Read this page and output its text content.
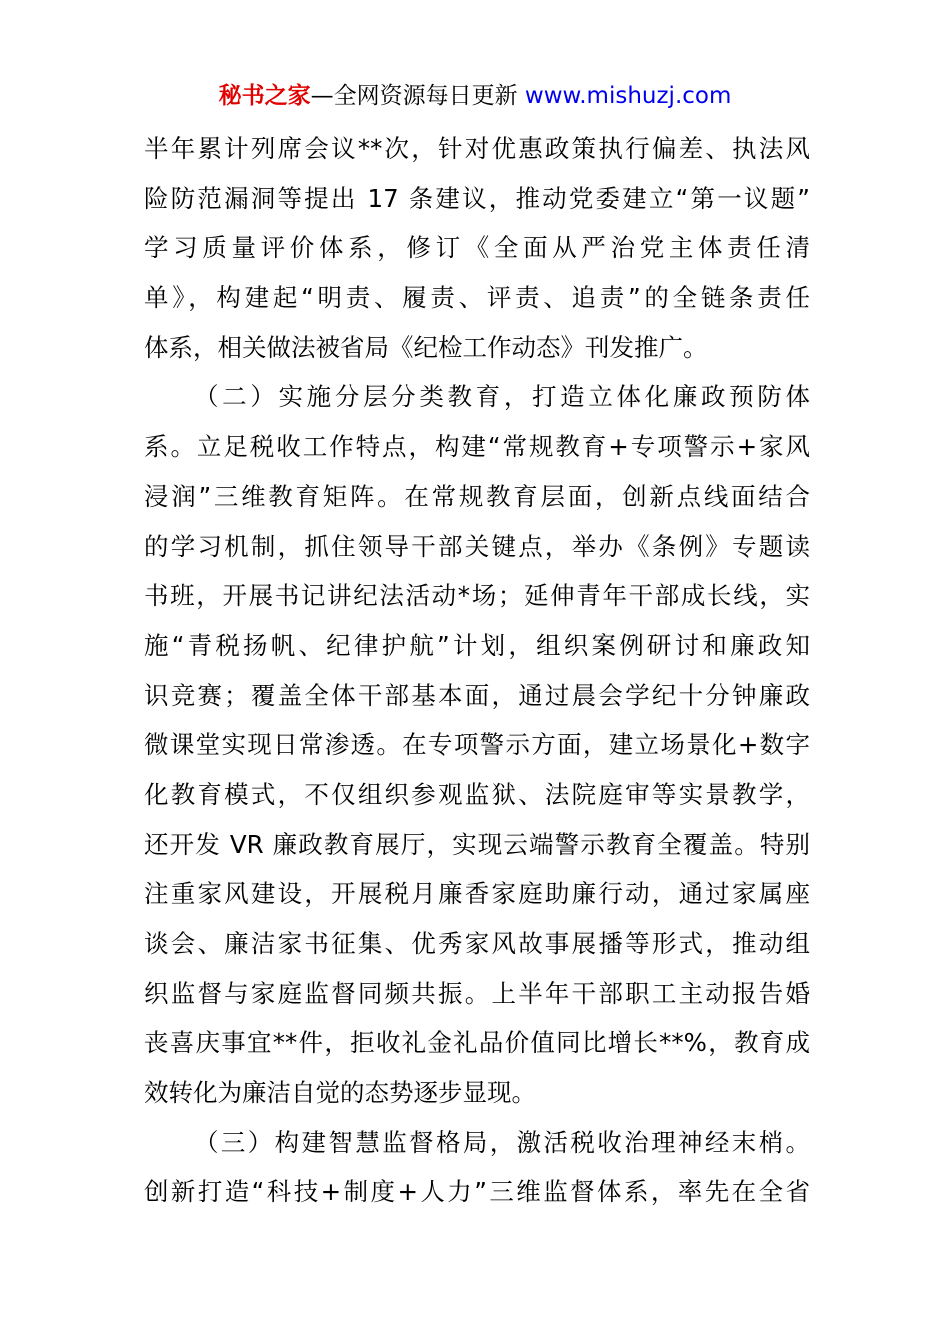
秘书之家—全网资源每日更新 www.mishuzj.com
半年累计列席会议**次，针对优惠政策执行偏差、执法风
险防范漏洞等提出 17 条建议，推动党委建立“第一议题”
学习质量评价体系，修订《全面从严治党主体责任清
单》，构建起“明责、履责、评责、追责”的全链条责任
体系，相关做法被省局《纪检工作动态》刊发推广。
（二）实施分层分类教育，打造立体化廉政预防体
系。立足税收工作特点，构建“常规教育+专项警示+家风
浸润”三维教育矩阵。在常规教育层面，创新点线面结合
的学习机制，抓住领导干部关键点，举办《条例》专题读
书班，开展书记讲纪法活动*场；延伸青年干部成长线，实
施“青税扬帆、纪律护航”计划，组织案例研讨和廉政知
识竞赛；覆盖全体干部基本面，通过晨会学纪十分钟廉政
微课堂实现日常渗透。在专项警示方面，建立场景化+数字
化教育模式，不仅组织参观监狱、法院庭审等实景教学，
还开发 VR 廉政教育展厅，实现云端警示教育全覆盖。特别
注重家风建设，开展税月廉香家庭助廉行动，通过家属座
谈会、廉洁家书征集、优秀家风故事展播等形式，推动组
织监督与家庭监督同频共振。上半年干部职工主动报告婚
丧喜庆事宜**件，拒收礼金礼品价值同比增长**%，教育成
效转化为廉洁自觉的态势逐步显现。
（三）构建智慧监督格局，激活税收治理神经末梢。
创新打造“科技+制度+人力”三维监督体系，率先在全省
